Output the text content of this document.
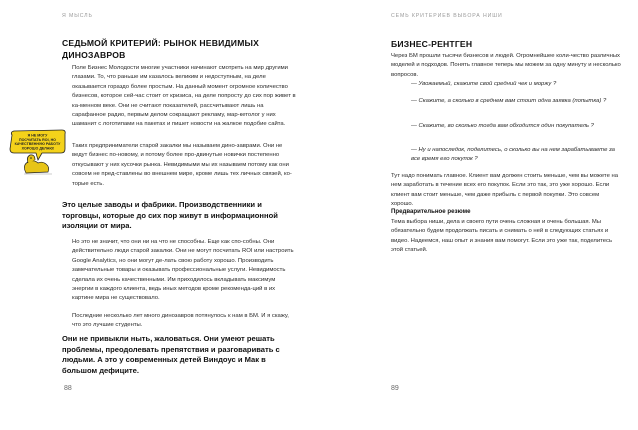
Я МЫСЛЬ
СЕДЬМОЙ КРИТЕРИЙ: РЫНОК НЕВИДИМЫХ ДИНОЗАВРОВ

Поле Бизнес Молодости многие участники начинают смотреть на мир другими глазами. То, что раньше им казалось великим и недоступным, на деле оказывается гораздо более простым. На данный момент огромное количество бизнесов, которое сей-час стоит от кризиса, на деле попросту до сих пор живет в ка-менном веке. Они не считают показателей, рассчитывают лишь на сарафанное радио, первым делом сокращают рекламу, мар-кетолог у них шаманит с логотипами на пакетах и пишет новости на жалкое подобие сайта.

Таких предприниматели старой закалки мы называем дино-заврами. Они не ведут бизнес по-новому, и потому более про-двинутые новички постепенно откусывают у них кусочки рынка. Невидимыми мы их называем потому как они совсем не пред-ставлены во внешнем мире, кроме лишь тех личных связей, ко-торые есть.

Это целые заводы и фабрики. Производственники и торговцы, которые до сих пор живут в информационной изоляции от мира.

Но это не значит, что они ни на что не способны. Еще как спо-собны. Они действительно люди старой закалки. Они не могут посчитать ROI или настроить Google Analytics, но они могут де-лать свою работу хорошо. Производить замечательные товары и оказывать профессиональные услуги. Невидимость сделала их очень качественными. Им приходилось вкладывать максимум энергии в каждого клиента, ведь иных методов кроме рекоменда-ций в их картине мира не существовало.

Последние несколько лет много динозавров потянулось к нам в БМ. И я скажу, что это лучшие студенты.

Они не привыкли ныть, жаловаться. Они умеют решать проблемы, преодолевать препятствия и разговаривать с людьми. А это у современных детей Виндоус и Мак в большом дефиците.
Я НЕ МОГУ ПОСЧИТАТЬ ROI, НО КАЧЕСТВЕННУЮ РАБОТУ ХОРОШО ДЕЛАЮ!
88
СЕМЬ КРИТЕРИЕВ ВЫБОРА НИШИ
БИЗНЕС-РЕНТГЕН

Через БМ прошли тысячи бизнесов и людей. Огромнейшее коли-чество различных моделей и подходов. Понять главное теперь мы можем за одну минуту и несколько вопросов.

— Увожаемый, скажите свой средний чек и моржу ?
— Скажите, а сколько в среднем вам стоит одна заявка (попытка) ?
— Скажите, во сколько тогда вам обходится один покупатель ?
— Ну и напоследок, поделитесь, о сколько вы на нем зарабатываете за все время его покупок ?

Тут надо понимать главное. Клиент вам должен стоить меньше, чем вы можете на нем заработать в течение всех его покупок. Если это так, это уже хорошо. Если клиент вам стоит меньше, чем даже прибыль с первой покупки. Это совсем хорошо.

Предварительное резюме

Тема выбора ниши, дела и своего пути очень сложная и очень большая. Мы обязательно будем продолжать писать и снимать о ней в следующих статьях и видео. Надеемся, наш опыт и знания вам помогут. Если это уже так, поделитесь этой статьей.

89
